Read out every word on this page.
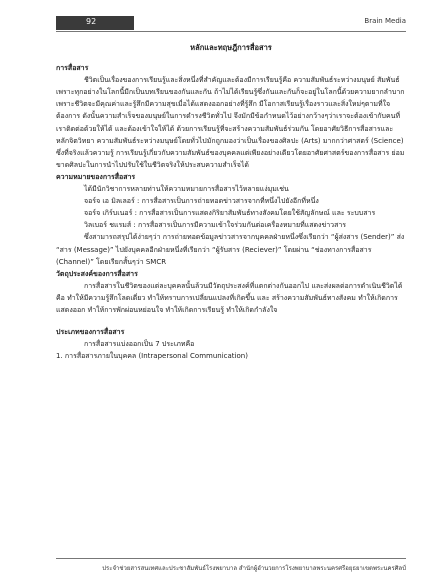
92	Brain Media

หลักและทฤษฎีการสื่อสาร

การสื่อสาร

ชีวิตเป็นเรื่องของการเรียนรู้และสิ่งหนึ่งที่สำคัญและต้องมีการเรียนรู้คือ ความสัมพันธ์ระหว่างมนุษย์ สัมพันธ์ เพราะทุกอย่างในโลกนี้มีกเป็นบทเรียนของกันและกัน ถ้าไม่ได้เรียนรู้ซึ่งกันและกันก็จะอยู่ในโลกนี้ด้วยความยากลำบาก เพราะชีวิตจะมีคุณค่าและรู้สึกมีความสุขเมื่อได้แสดงออกอย่างที่รู้สึก มีโอกาสเรียนรู้เรื่องราวและสิ่งใหม่ๆตามที่ใจต้องการ ดังนั้นความสำเร็จของมนุษย์ในการดำรงชีวิตทั่วไป จึงมักมีข้อกำหนดไว้อย่างกว้างๆว่าเราจะต้องเข้ากับคนที่เราติดต่อด้วยให้ได้ และต้องเข้าใจให้ได้ ด้วยการเรียนรู้ที่จะสร้างความสัมพันธ์ร่วมกัน โดยอาศัยวิธีการสื่อสารและหลักจิตวิทยา ความสัมพันธ์ระหว่างมนุษย์โดยทั่วไปมักถูกมองว่าเป็นเรื่องของศิลปะ (Arts) มากกว่าศาสตร์ (Science) ซึ่งที่จริงแล้วความรู้ การเรียนรู้เกี่ยวกับความสัมพันธ์ของบุคคลแต่เพียงอย่างเดียวโดยอาศัยศาสตร์ของการสื่อสาร ย่อมขาดศิลปะในการนำไปปรับใช้ในชีวิตจริงให้ประสบความสำเร็จได้

ความหมายของการสื่อสาร

ได้มีนักวิชาการหลายท่านให้ความหมายการสื่อสารไว้หลายแง่มุมเช่น

จอร์จ เอ มิลเลอร์ : การสื่อสารเป็นการถ่ายทอดข่าวสารจากที่หนึ่งไปยังอีกที่หนึ่ง

จอร์จ เกิร์บเนอร์ : การสื่อสารเป็นการแสดงกิริยาสัมพันธ์ทางสังคมโดยใช้สัญลักษณ์ และ ระบบสาร

วิลเบอร์ ชแรมส์ : การสื่อสารเป็นการมีความเข้าใจร่วมกันต่อเครื่องหมายที่แสดงข่าวสาร

ซึ่งสามารถสรุปได้ง่ายๆว่า การถ่ายทอดข้อมูลข่าวสารจากบุคคลฝ่ายหนึ่งซึ่งเรียกว่า “ผู้ส่งสาร (Sender)” ส่ง “สาร (Message)” ไปยังบุคคลอีกฝ่ายหนึ่งที่เรียกว่า “ผู้รับสาร (Reciever)” โดยผ่าน “ช่องทางการสื่อสาร (Channel)” โดยเรียกสั้นๆว่า SMCR

วัตถุประสงค์ของการสื่อสาร

การสื่อสารในชีวิตของแต่ละบุคคลนั้นล้วนมีวัตถุประสงค์ที่แตกต่างกันออกไป และส่งผลต่อการดำเนินชีวิตได้คือ ทำให้มีความรู้สึกโลดเดี่ยว ทำให้ทราบการเปลี่ยนแปลงที่เกิดขึ้น และ สร้างความสัมพันธ์ทางสังคม ทำให้เกิดการแสดงออก ทำให้การพักผ่อนหย่อนใจ ทำให้เกิดการเรียนรู้ ทำให้เกิดกำลังใจ

ประเภทของการสื่อสาร

การสื่อสารแบ่งออกเป็น 7 ประเภทคือ

1. การสื่อสารภายในบุคคล (Intrapersonal Communication)

ประจำช่วยสารสนเทศและประชาสัมพันธ์โรงพยาบาล สำนักผู้อำนวยการโรงพยาบาลพระนครศรีอยุธยาเขตพระนครศิลป์
